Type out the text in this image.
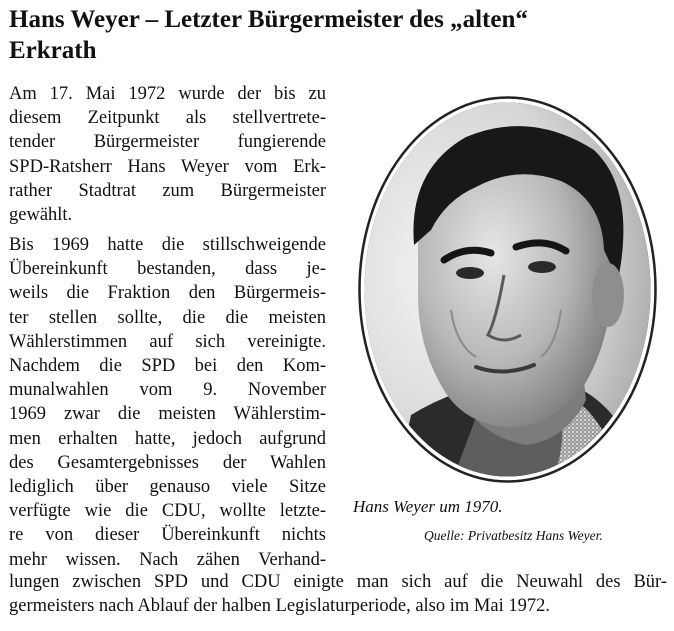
Hans Weyer – Letzter Bürgermeister des „alten“
Erkrath
Am 17. Mai 1972 wurde der bis zu
diesem Zeitpunkt als stellvertrete-
tender Bürgermeister fungierende
SPD-Ratsherr Hans Weyer vom Erk-
rather Stadtrat zum Bürgermeister
gewählt.
Bis 1969 hatte die stillschweigende
Übereinkunft bestanden, dass je-
weils die Fraktion den Bürgermeis-
ter stellen sollte, die die meisten
Wählerstimmen auf sich vereinigte.
Nachdem die SPD bei den Kom-
munalwahlen vom 9. November
1969 zwar die meisten Wählerstim-
men erhalten hatte, jedoch aufgrund
des Gesamtergebnisses der Wahlen
lediglich über genauso viele Sitze
verfügte wie die CDU, wollte letzte-
re von dieser Übereinkunft nichts
mehr wissen. Nach zähen Verhand-
lungen zwischen SPD und CDU einigte man sich auf die Neuwahl des Bür-
germeisters nach Ablauf der halben Legislaturperiode, also im Mai 1972.
Hans Weyer um 1970.
Quelle: Privatbesitz Hans Weyer.
